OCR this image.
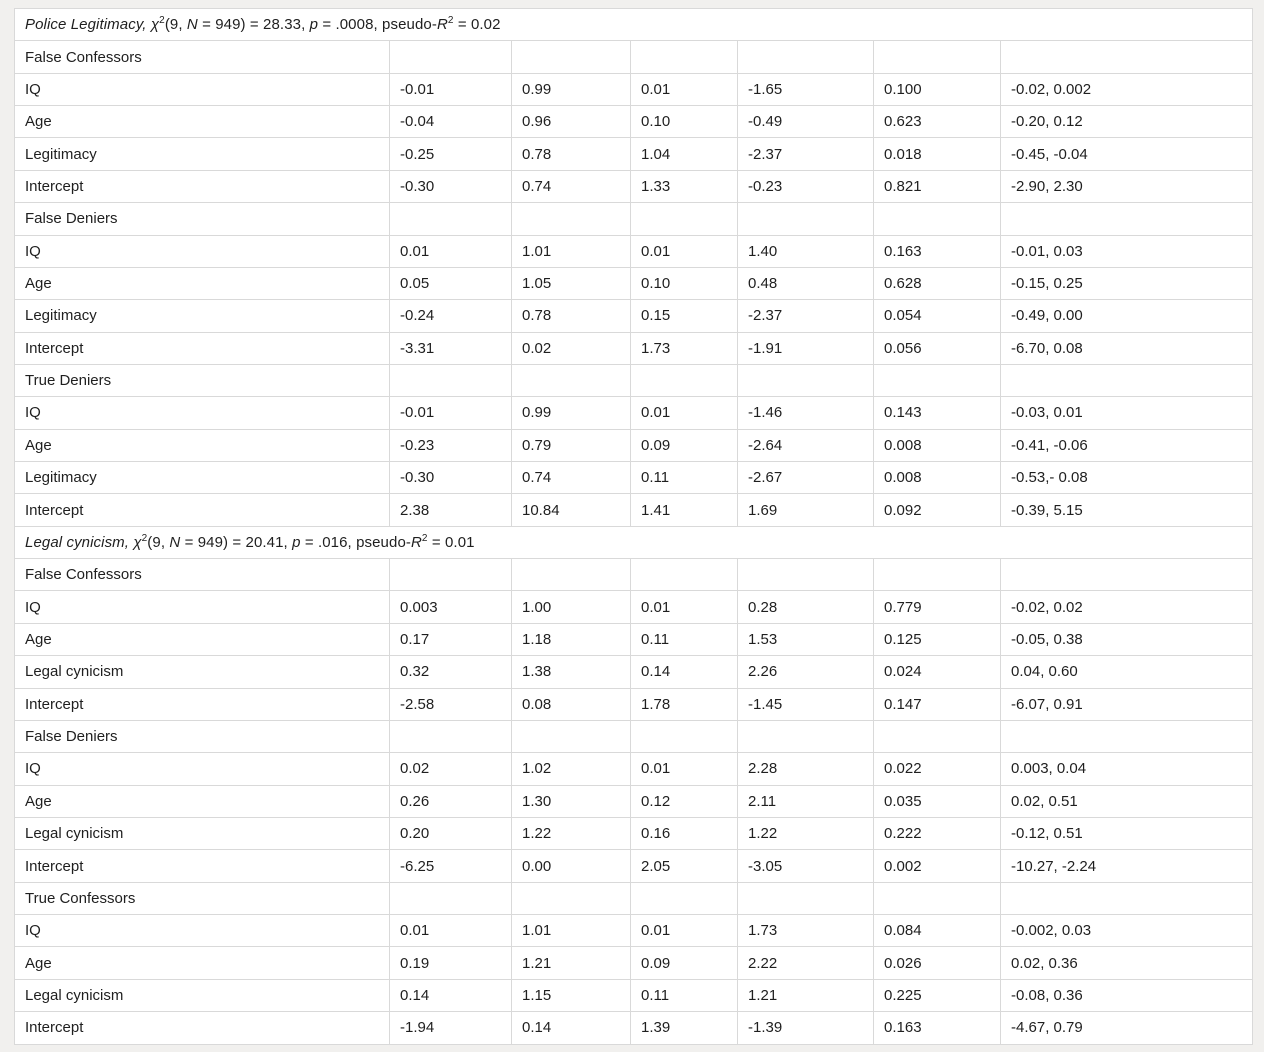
Police Legitimacy, $\chi^2(9$, N = 949) = 28.33, p = .0008, pseudo-$R^2 = 0.02$						
False Confessors						
IQ	-0.01	0.99	0.01	-1.65	0.100	-0.02, 0.002
Age	-0.04	0.96	0.10	-0.49	0.623	-0.20, 0.12
Legitimacy	-0.25	0.78	1.04	-2.37	0.018	-0.45, -0.04
Intercept	-0.30	0.74	1.33	-0.23	0.821	-2.90, 2.30
False Deniers						
IQ	0.01	1.01	0.01	1.40	0.163	-0.01, 0.03
Age	0.05	1.05	0.10	0.48	0.628	-0.15, 0.25
Legitimacy	-0.24	0.78	0.15	-2.37	0.054	-0.49, 0.00
Intercept	-3.31	0.02	1.73	-1.91	0.056	-6.70, 0.08
True Deniers						
IQ	-0.01	0.99	0.01	-1.46	0.143	-0.03, 0.01
Age	-0.23	0.79	0.09	-2.64	0.008	-0.41, -0.06
Legitimacy	-0.30	0.74	0.11	-2.67	0.008	-0.53,- 0.08
Intercept	2.38	10.84	1.41	1.69	0.092	-0.39, 5.15
Legal cynicism, $\chi^2(9$, N = 949) = 20.41, p = .016, pseudo-$R^2 = 0.01$						
False Confessors						
IQ	0.003	1.00	0.01	0.28	0.779	-0.02, 0.02
Age	0.17	1.18	0.11	1.53	0.125	-0.05, 0.38
Legal cynicism	0.32	1.38	0.14	2.26	0.024	0.04, 0.60
Intercept	-2.58	0.08	1.78	-1.45	0.147	-6.07, 0.91
False Deniers						
IQ	0.02	1.02	0.01	2.28	0.022	0.003, 0.04
Age	0.26	1.30	0.12	2.11	0.035	0.02, 0.51
Legal cynicism	0.20	1.22	0.16	1.22	0.222	-0.12, 0.51
Intercept	-6.25	0.00	2.05	-3.05	0.002	-10.27, -2.24
True Confessors						
IQ	0.01	1.01	0.01	1.73	0.084	-0.002, 0.03
Age	0.19	1.21	0.09	2.22	0.026	0.02, 0.36
Legal cynicism	0.14	1.15	0.11	1.21	0.225	-0.08, 0.36
Intercept	-1.94	0.14	1.39	-1.39	0.163	-4.67, 0.79
